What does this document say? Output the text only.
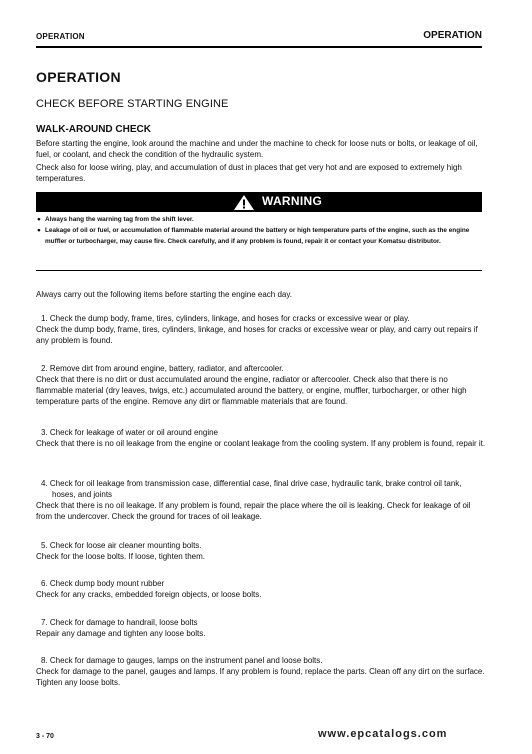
OPERATION	OPERATION
OPERATION
CHECK BEFORE STARTING ENGINE
WALK-AROUND CHECK
Before starting the engine, look around the machine and under the machine to check for loose nuts or bolts, or leakage of oil, fuel, or coolant, and check the condition of the hydraulic system.
Check also for loose wiring, play, and accumulation of dust in places that get very hot and are exposed to extremely high temperatures.
WARNING
● Always hang the warning tag from the shift lever.
● Leakage of oil or fuel, or accumulation of flammable material around the battery or high temperature parts of the engine, such as the engine muffler or turbocharger, may cause fire. Check carefully, and if any problem is found, repair it or contact your Komatsu distributor.
Always carry out the following items before starting the engine each day.
1. Check the dump body, frame, tires, cylinders, linkage, and hoses for cracks or excessive wear or play.
Check the dump body, frame, tires, cylinders, linkage, and hoses for cracks or excessive wear or play, and carry out repairs if any problem is found.
2. Remove dirt from around engine, battery, radiator, and aftercooler.
Check that there is no dirt or dust accumulated around the engine, radiator or aftercooler. Check also that there is no flammable material (dry leaves, twigs, etc.) accumulated around the battery, or engine, muffler, turbocharger, or other high temperature parts of the engine. Remove any dirt or flammable materials that are found.
3. Check for leakage of water or oil around engine
Check that there is no oil leakage from the engine or coolant leakage from the cooling system. If any problem is found, repair it.
4. Check for oil leakage from transmission case, differential case, final drive case, hydraulic tank, brake control oil tank, hoses, and joints
Check that there is no oil leakage. If any problem is found, repair the place where the oil is leaking. Check for leakage of oil from the undercover. Check the ground for traces of oil leakage.
5. Check for loose air cleaner mounting bolts.
Check for the loose bolts. If loose, tighten them.
6. Check dump body mount rubber
Check for any cracks, embedded foreign objects, or loose bolts.
7. Check for damage to handrail, loose bolts
Repair any damage and tighten any loose bolts.
8. Check for damage to gauges, lamps on the instrument panel and loose bolts.
Check for damage to the panel, gauges and lamps. If any problem is found, replace the parts. Clean off any dirt on the surface. Tighten any loose bolts.
3 - 70	www.epcatalogs.com
